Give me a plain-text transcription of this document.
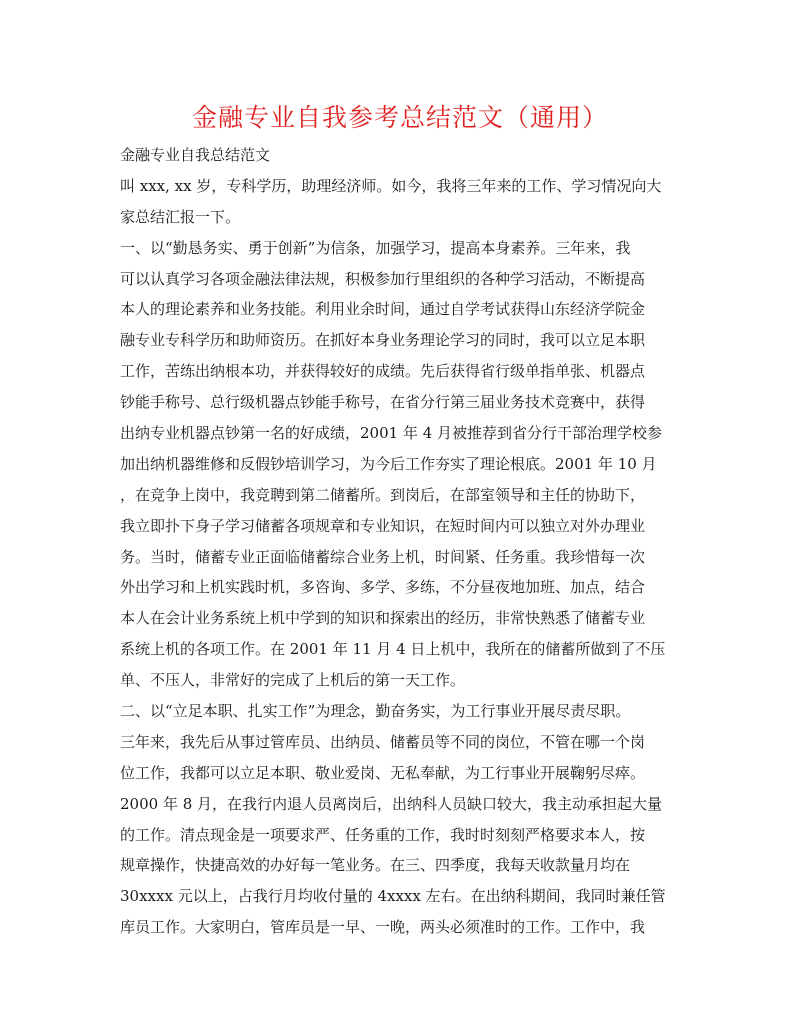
金融专业自我参考总结范文（通用）
金融专业自我总结范文
叫 xxx, xx 岁，专科学历，助理经济师。如今，我将三年来的工作、学习情况向大
家总结汇报一下。
一、以“勤恳务实、勇于创新”为信条，加强学习，提高本身素养。三年来，我
可以认真学习各项金融法律法规，积极参加行里组织的各种学习活动，不断提高
本人的理论素养和业务技能。利用业余时间，通过自学考试获得山东经济学院金
融专业专科学历和助师资历。在抓好本身业务理论学习的同时，我可以立足本职
工作，苦练出纳根本功，并获得较好的成绩。先后获得省行级单指单张、机器点
钞能手称号、总行级机器点钞能手称号，在省分行第三届业务技术竞赛中，获得
出纳专业机器点钞第一名的好成绩，2001 年 4 月被推荐到省分行干部治理学校参
加出纳机器维修和反假钞培训学习，为今后工作夯实了理论根底。2001 年 10 月
，在竞争上岗中，我竞聘到第二储蓄所。到岗后，在部室领导和主任的协助下，
我立即扑下身子学习储蓄各项规章和专业知识，在短时间内可以独立对外办理业
务。当时，储蓄专业正面临储蓄综合业务上机，时间紧、任务重。我珍惜每一次
外出学习和上机实践时机，多咨询、多学、多练，不分昼夜地加班、加点，结合
本人在会计业务系统上机中学到的知识和探索出的经历，非常快熟悉了储蓄专业
系统上机的各项工作。在 2001 年 11 月 4 日上机中，我所在的储蓄所做到了不压
单、不压人，非常好的完成了上机后的第一天工作。
二、以“立足本职、扎实工作”为理念，勤奋务实，为工行事业开展尽责尽职。
三年来，我先后从事过管库员、出纳员、储蓄员等不同的岗位，不管在哪一个岗
位工作，我都可以立足本职、敬业爱岗、无私奉献，为工行事业开展鞠躬尽瘁。
2000 年 8 月，在我行内退人员离岗后，出纳科人员缺口较大，我主动承担起大量
的工作。清点现金是一项要求严、任务重的工作，我时时刻刻严格要求本人，按
规章操作，快捷高效的办好每一笔业务。在三、四季度，我每天收款量月均在
30xxxx 元以上，占我行月均收付量的 4xxxx 左右。在出纳科期间，我同时兼任管
库员工作。大家明白，管库员是一早、一晚，两头必须准时的工作。工作中，我
